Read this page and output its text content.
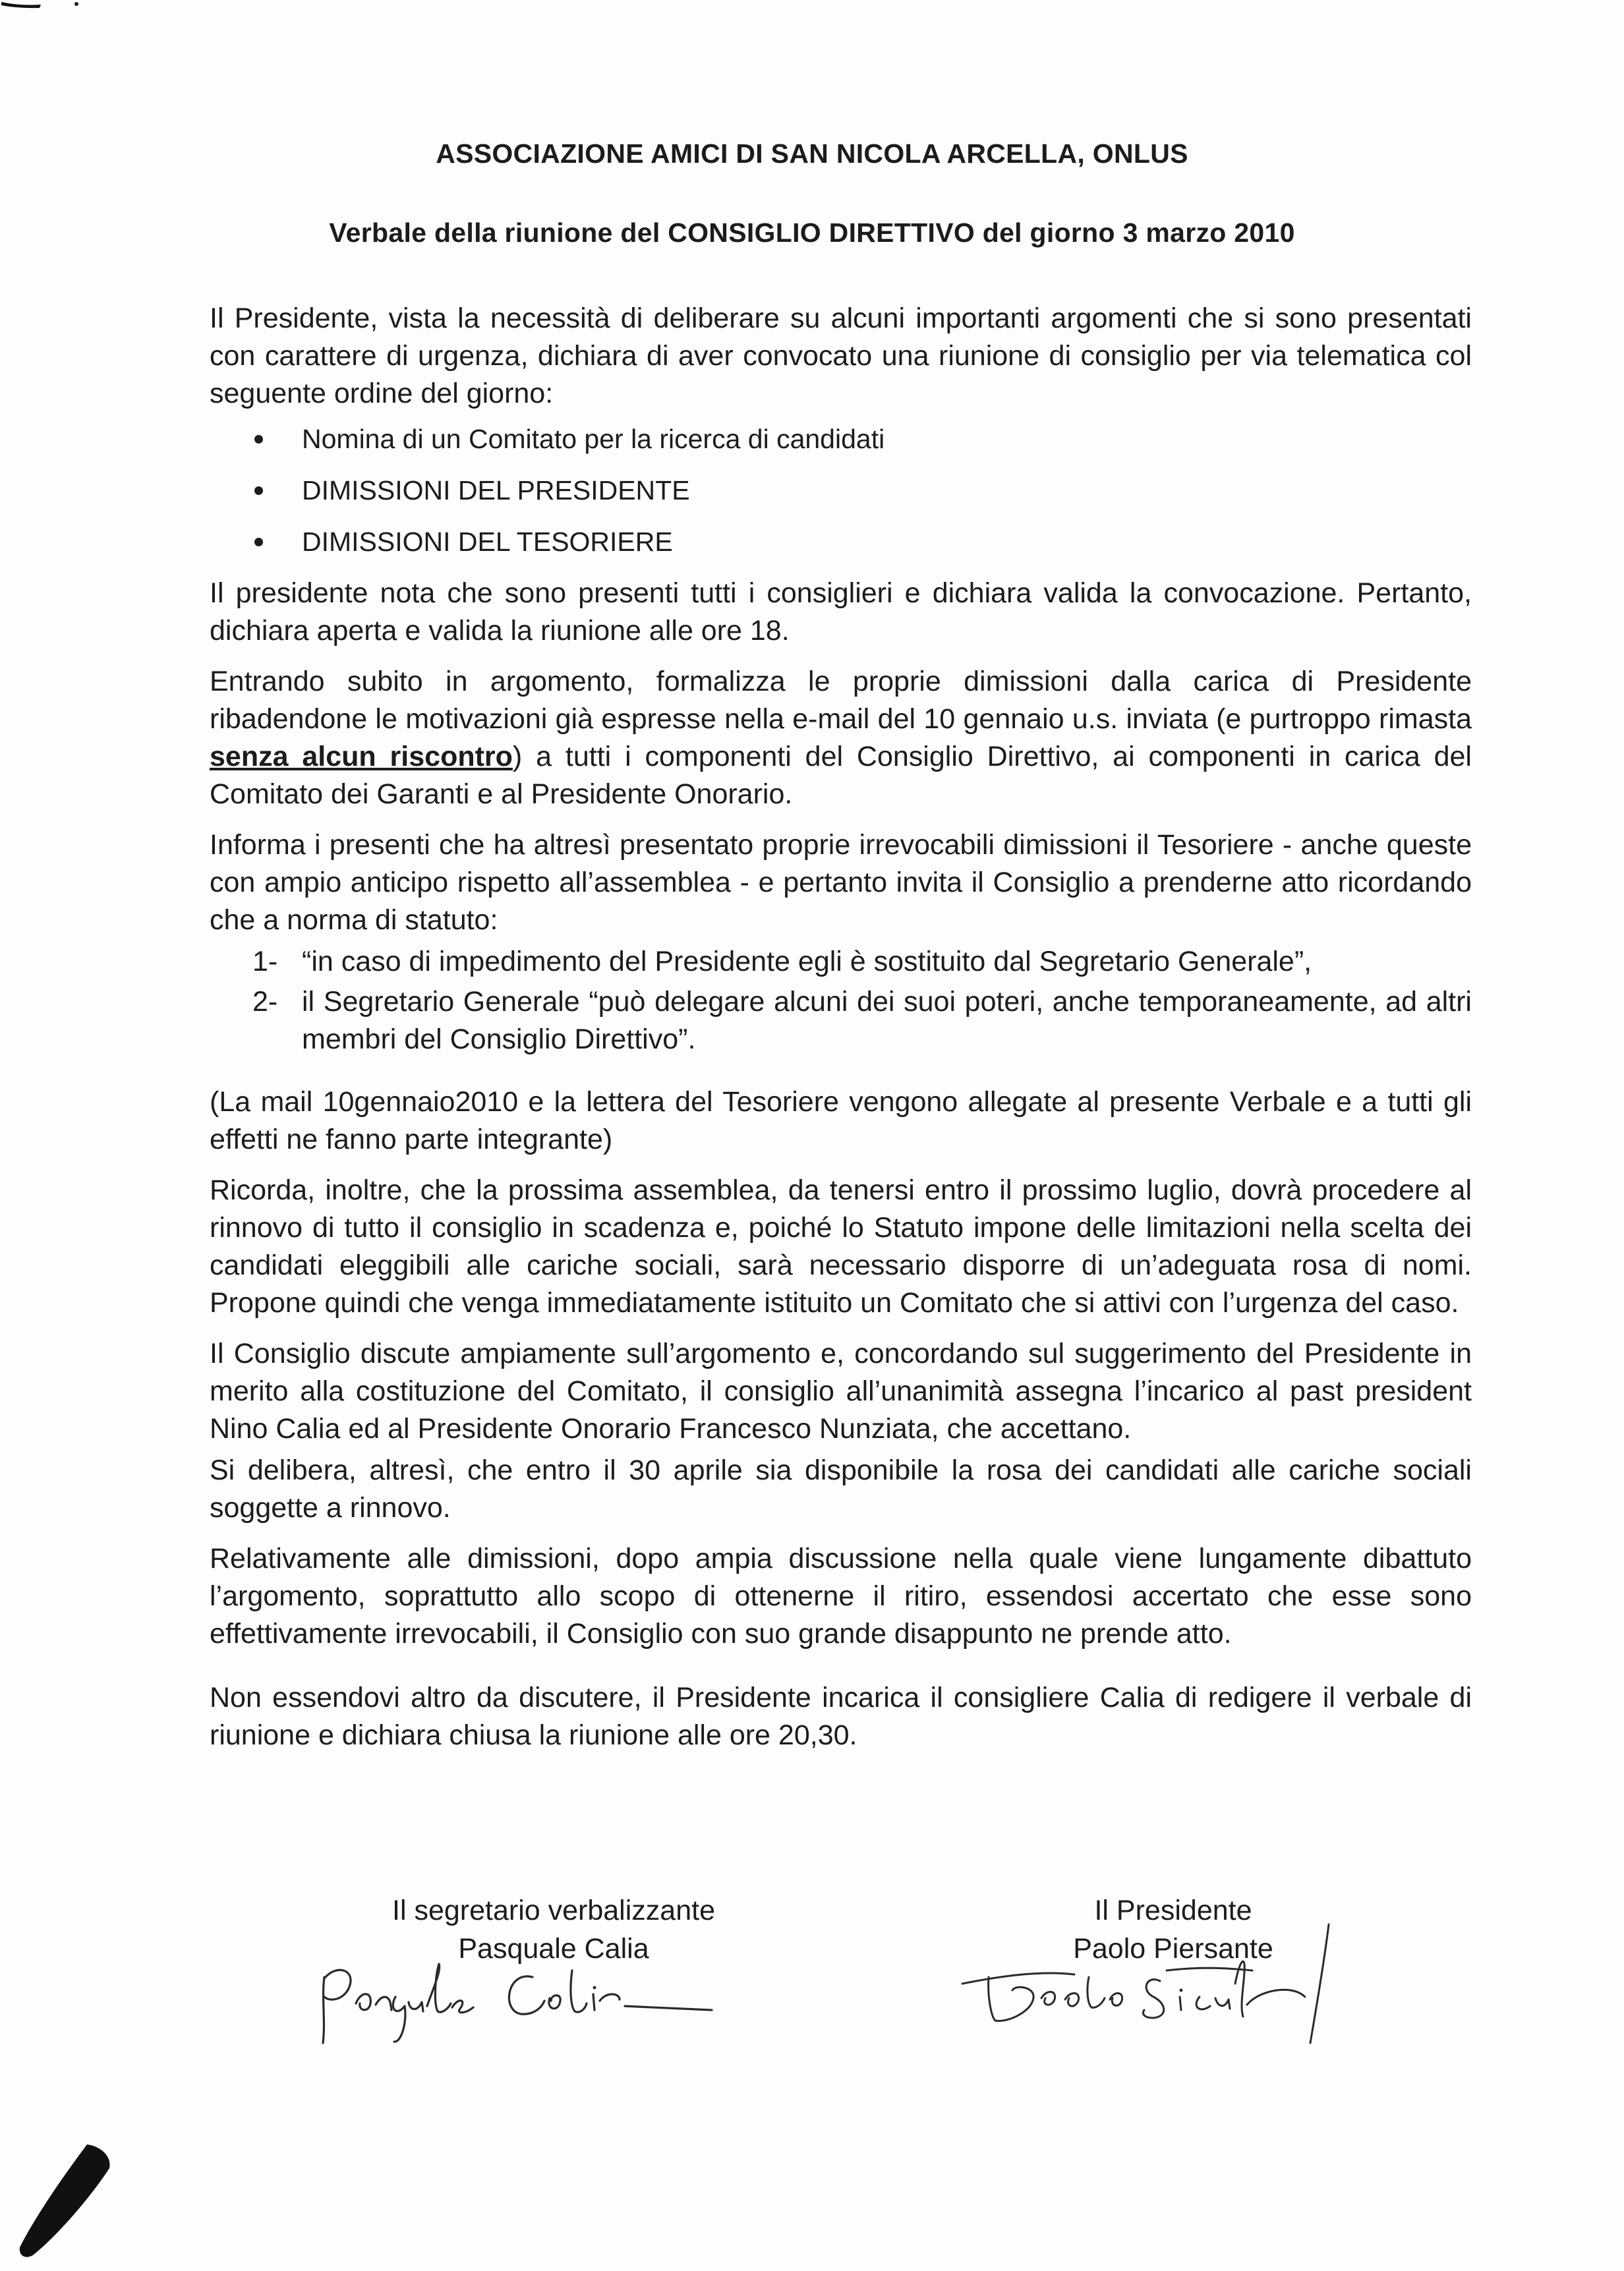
ASSOCIAZIONE AMICI DI SAN NICOLA ARCELLA, ONLUS
Verbale della riunione del CONSIGLIO DIRETTIVO del giorno 3 marzo 2010

Il Presidente, vista la necessità di deliberare su alcuni importanti argomenti che si sono presentati con carattere di urgenza, dichiara di aver convocato una riunione di consiglio per via telematica col seguente ordine del giorno:

Nomina di un Comitato per la ricerca di candidati
DIMISSIONI DEL PRESIDENTE
DIMISSIONI DEL TESORIERE

Il presidente nota che sono presenti tutti i consiglieri e dichiara valida la convocazione. Pertanto, dichiara aperta e valida la riunione alle ore 18.

Entrando subito in argomento, formalizza le proprie dimissioni dalla carica di Presidente ribadendone le motivazioni già espresse nella e-mail del 10 gennaio u.s. inviata (e purtroppo rimasta senza alcun riscontro) a tutti i componenti del Consiglio Direttivo, ai componenti in carica del Comitato dei Garanti e al Presidente Onorario.

Informa i presenti che ha altresì presentato proprie irrevocabili dimissioni il Tesoriere - anche queste con ampio anticipo rispetto all’assemblea - e pertanto invita il Consiglio a prenderne atto ricordando che a norma di statuto:

1- “in caso di impedimento del Presidente egli è sostituito dal Segretario Generale”,
2- il Segretario Generale “può delegare alcuni dei suoi poteri, anche temporaneamente, ad altri membri del Consiglio Direttivo”.

(La mail 10gennaio2010 e la lettera del Tesoriere vengono allegate al presente Verbale e a tutti gli effetti ne fanno parte integrante)

Ricorda, inoltre, che la prossima assemblea, da tenersi entro il prossimo luglio, dovrà procedere al rinnovo di tutto il consiglio in scadenza e, poiché lo Statuto impone delle limitazioni nella scelta dei candidati eleggibili alle cariche sociali, sarà necessario disporre di un’adeguata rosa di nomi. Propone quindi che venga immediatamente istituito un Comitato che si attivi con l’urgenza del caso.

Il Consiglio discute ampiamente sull’argomento e, concordando sul suggerimento del Presidente in merito alla costituzione del Comitato, il consiglio all’unanimità assegna l’incarico al past president Nino Calia ed al Presidente Onorario Francesco Nunziata, che accettano.

Si delibera, altresì, che entro il 30 aprile sia disponibile la rosa dei candidati alle cariche sociali soggette a rinnovo.

Relativamente alle dimissioni, dopo ampia discussione nella quale viene lungamente dibattuto l’argomento, soprattutto allo scopo di ottenerne il ritiro, essendosi accertato che esse sono effettivamente irrevocabili, il Consiglio con suo grande disappunto ne prende atto.

Non essendovi altro da discutere, il Presidente incarica il consigliere Calia di redigere il verbale di riunione e dichiara chiusa la riunione alle ore 20,30.

Il segretario verbalizzante
Pasquale Calia
Il Presidente
Paolo Piersante
